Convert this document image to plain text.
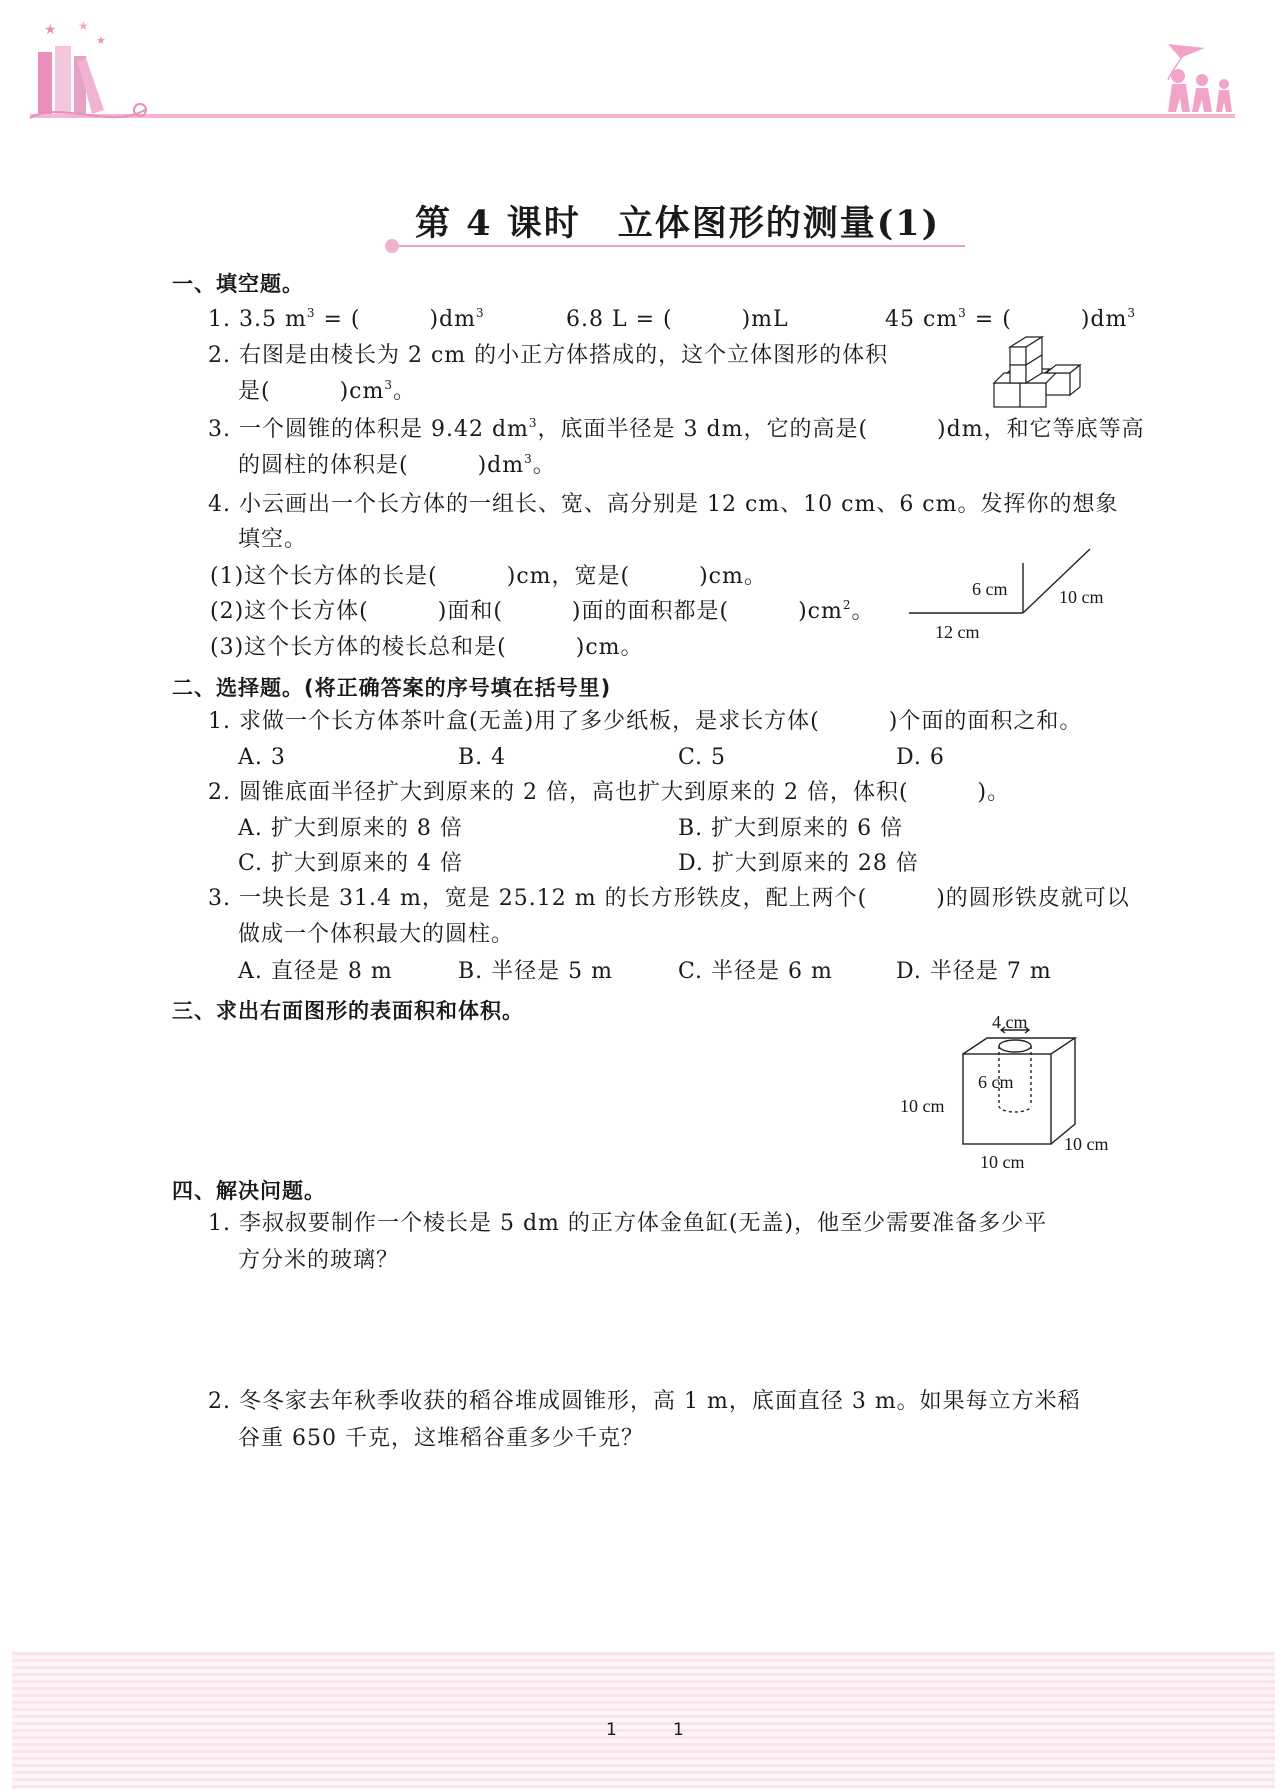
★ ★
★
第 4 课时　立体图形的测量(1)
一、填空题。
1. 3.5 $m^3$ = (　　　)$dm^3$	6.8 L = (　　　)mL	45 $cm^3$ = (　　　)$dm^3$
2. 右图是由棱长为 2 cm 的小正方体搭成的，这个立体图形的体积
是(　　　)$cm^3$。
3. 一个圆锥的体积是 9.42 $dm^3$，底面半径是 3 dm，它的高是(　　　)dm，和它等底等高
的圆柱的体积是(　　　)$dm^3$。
4. 小云画出一个长方体的一组长、宽、高分别是 12 cm、10 cm、6 cm。发挥你的想象
填空。
(1)这个长方体的长是(　　　)cm，宽是(　　　)cm。
(2)这个长方体(　　　)面和(　　　)面的面积都是(　　　)$cm^2$。
(3)这个长方体的棱长总和是(　　　)cm。
6 cm	10 cm
12 cm
二、选择题。(将正确答案的序号填在括号里)
1. 求做一个长方体茶叶盒(无盖)用了多少纸板，是求长方体(　　　)个面的面积之和。
A. 3	B. 4	C. 5	D. 6
2. 圆锥底面半径扩大到原来的 2 倍，高也扩大到原来的 2 倍，体积(　　　)。
A. 扩大到原来的 8 倍	B. 扩大到原来的 6 倍
C. 扩大到原来的 4 倍	D. 扩大到原来的 28 倍
3. 一块长是 31.4 m，宽是 25.12 m 的长方形铁皮，配上两个(　　　)的圆形铁皮就可以
做成一个体积最大的圆柱。
A. 直径是 8 m	B. 半径是 5 m	C. 半径是 6 m	D. 半径是 7 m
三、求出右面图形的表面积和体积。	4 cm
6 cm
10 cm
10 cm
10 cm
四、解决问题。
1. 李叔叔要制作一个棱长是 5 dm 的正方体金鱼缸(无盖)，他至少需要准备多少平
方分米的玻璃？
2. 冬冬家去年秋季收获的稻谷堆成圆锥形，高 1 m，底面直径 3 m。如果每立方米稻
谷重 650 千克，这堆稻谷重多少千克？
1	1
